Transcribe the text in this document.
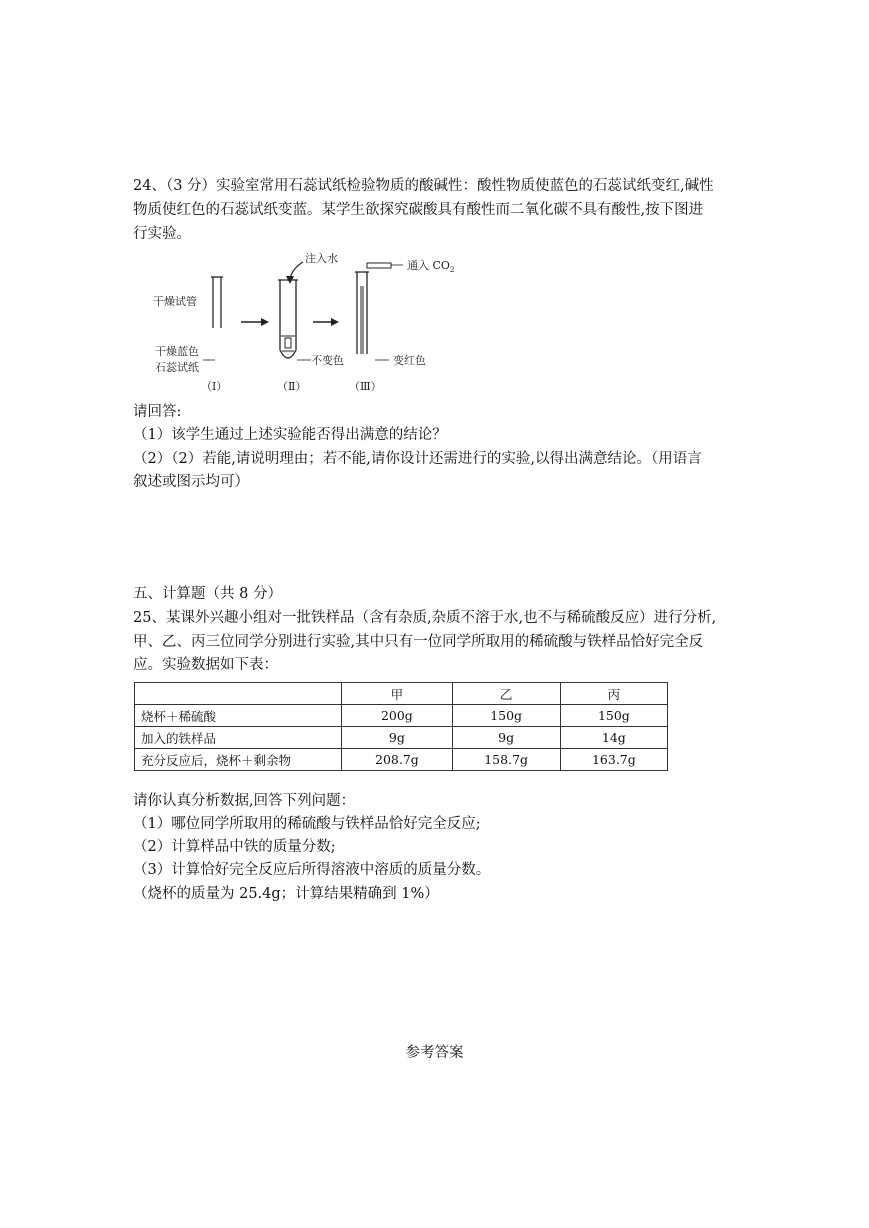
24、（3 分）实验室常用石蕊试纸检验物质的酸碱性：酸性物质使蓝色的石蕊试纸变红,碱性
物质使红色的石蕊试纸变蓝。某学生欲探究碳酸具有酸性而二氧化碳不具有酸性,按下图进
行实验。
干燥试管
干燥蓝色
石蕊试纸
（Ⅰ）
注入水
不变色
（Ⅱ）
通入 $CO_2$
变红色
（Ⅲ）
请回答:
（1）该学生通过上述实验能否得出满意的结论？
（2）（2）若能,请说明理由；若不能,请你设计还需进行的实验,以得出满意结论。（用语言
叙述或图示均可）
五、计算题（共 8 分）
25、某课外兴趣小组对一批铁样品（含有杂质,杂质不溶于水,也不与稀硫酸反应）进行分析,
甲、乙、丙三位同学分别进行实验,其中只有一位同学所取用的稀硫酸与铁样品恰好完全反
应。实验数据如下表：
	甲	乙	丙
烧杯＋稀硫酸	200g	150g	150g
加入的铁样品	9g	9g	14g
充分反应后，烧杯＋剩余物	208.7g	158.7g	163.7g
请你认真分析数据,回答下列问题：
（1）哪位同学所取用的稀硫酸与铁样品恰好完全反应;
（2）计算样品中铁的质量分数;
（3）计算恰好完全反应后所得溶液中溶质的质量分数。
（烧杯的质量为 25.4g；计算结果精确到 1%）
参考答案
